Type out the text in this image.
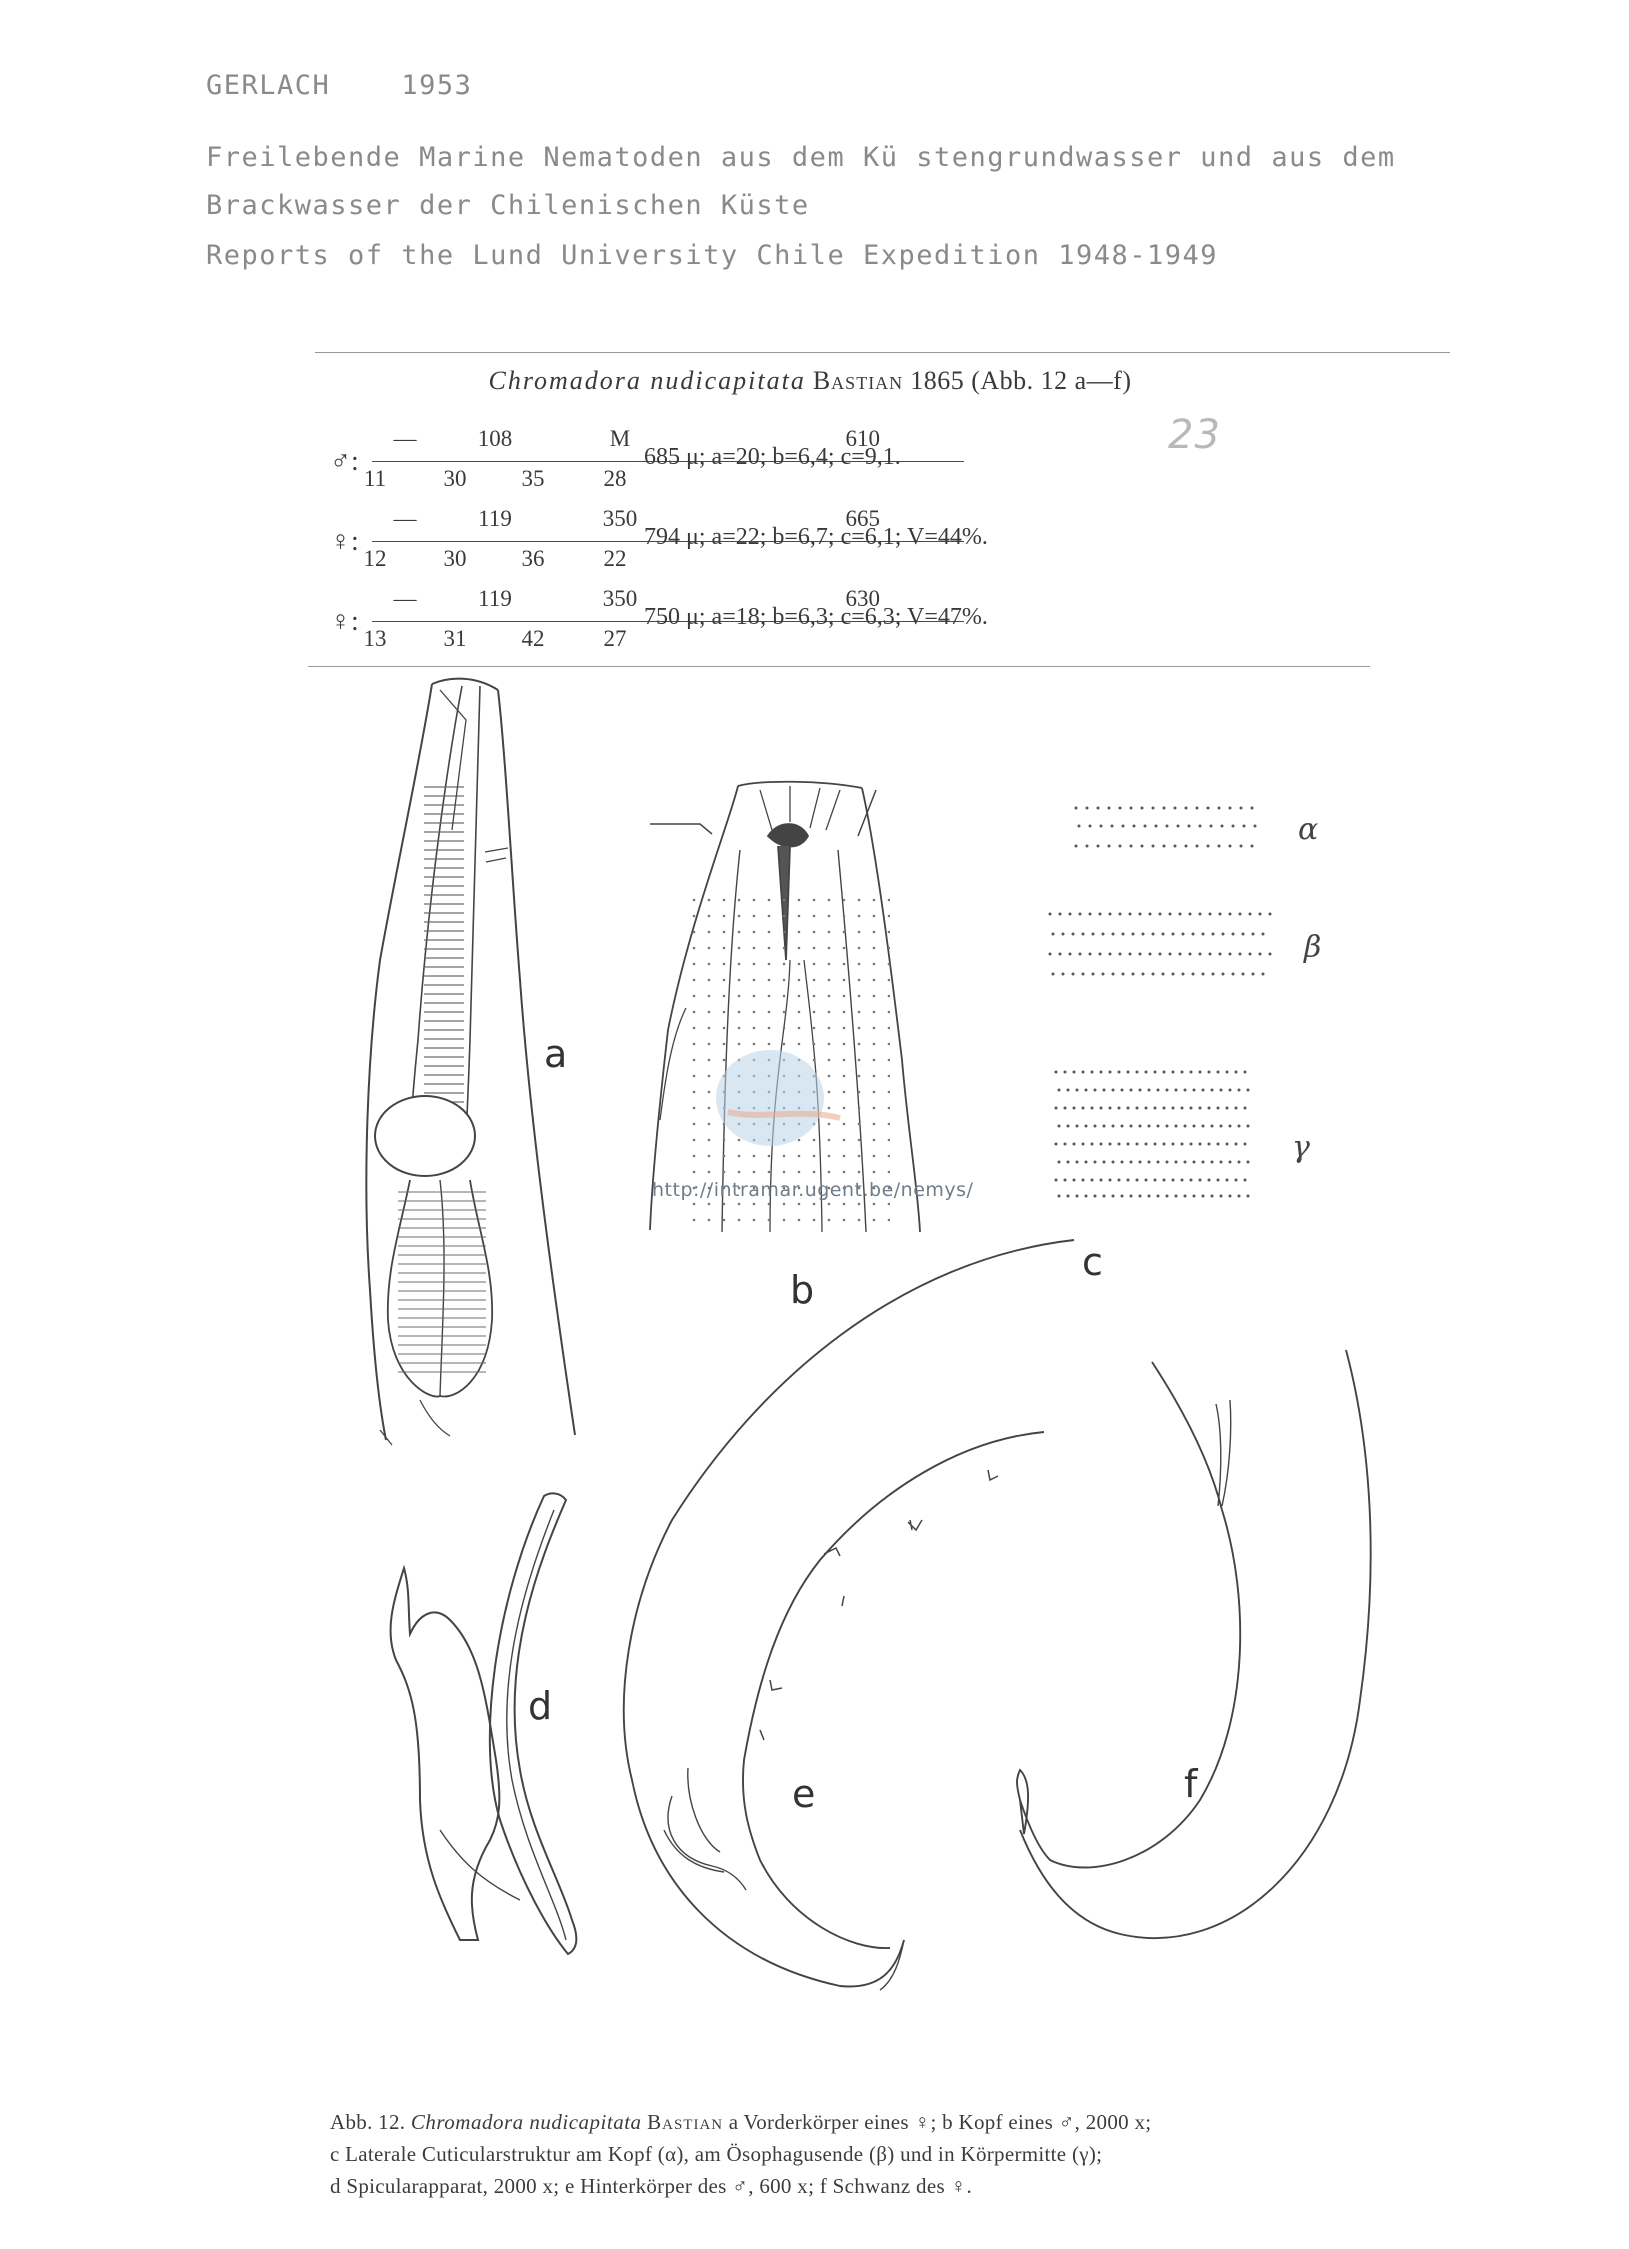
GERLACH	1953
Freilebende Marine Nematoden aus dem Kü stengrundwasser und aus dem
Brackwasser der Chilenischen Küste
Reports of the Lund University Chile Expedition 1948-1949
Chromadora nudicapitata Bastian 1865 (Abb. 12 a—f)
♂:
—	108	M	610
11	30	35	28
685 μ; a=20; b=6,4; c=9,1.
♀:
—	119	350	665
12	30	36	22
794 μ; a=22; b=6,7; c=6,1; V=44%.
♀:
—	119	350	630
13	31	42	27
750 μ; a=18; b=6,3; c=6,3; V=47%.
23
http://intramar.ugent.be/nemys/
a
b
c
d
e	f
α
β
γ
Abb. 12. Chromadora nudicapitata Bastian a Vorderkörper eines ♀; b Kopf eines ♂, 2000 x;
c Laterale Cuticularstruktur am Kopf (α), am Ösophagusende (β) und in Körpermitte (γ);
d Spicularapparat, 2000 x; e Hinterkörper des ♂, 600 x; f Schwanz des ♀.
